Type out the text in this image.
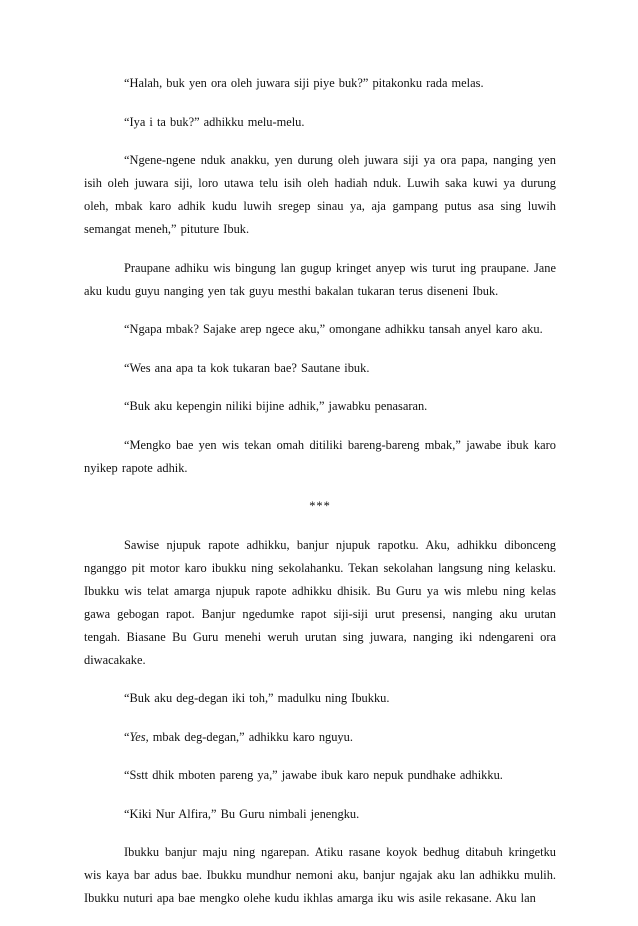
“Halah, buk yen ora oleh juwara siji piye buk?” pitakonku rada melas.

“Iya i ta buk?” adhikku melu-melu.

“Ngene-ngene nduk anakku, yen durung oleh juwara siji ya ora papa, nanging yen isih oleh juwara siji, loro utawa telu isih oleh hadiah nduk. Luwih saka kuwi ya durung oleh, mbak karo adhik kudu luwih sregep sinau ya, aja gampang putus asa sing luwih semangat meneh,” pituture Ibuk.

Praupane adhiku wis bingung lan gugup kringet anyep wis turut ing praupane. Jane aku kudu guyu nanging yen tak guyu mesthi bakalan tukaran terus diseneni Ibuk.

“Ngapa mbak? Sajake arep ngece aku,” omongane adhikku tansah anyel karo aku.

“Wes ana apa ta kok tukaran bae? Sautane ibuk.

“Buk aku kepengin niliki bijine adhik,” jawabku penasaran.

“Mengko bae yen wis tekan omah ditiliki bareng-bareng mbak,” jawabe ibuk karo nyikep rapote adhik.

***

Sawise njupuk rapote adhikku, banjur njupuk rapotku. Aku, adhikku dibonceng nganggo pit motor karo ibukku ning sekolahanku. Tekan sekolahan langsung ning kelasku. Ibukku wis telat amarga njupuk rapote adhikku dhisik. Bu Guru ya wis mlebu ning kelas gawa gebogan rapot. Banjur ngedumke rapot siji-siji urut presensi, nanging aku urutan tengah. Biasane Bu Guru menehi weruh urutan sing juwara, nanging iki ndengareni ora diwacakake.

“Buk aku deg-degan iki toh,” madulku ning Ibukku.

“Yes, mbak deg-degan,” adhikku karo nguyu.

“Sstt dhik mboten pareng ya,” jawabe ibuk karo nepuk pundhake adhikku.

“Kiki Nur Alfira,” Bu Guru nimbali jenengku.

Ibukku banjur maju ning ngarepan. Atiku rasane koyok bedhug ditabuh kringetku wis kaya bar adus bae. Ibukku mundhur nemoni aku, banjur ngajak aku lan adhikku mulih. Ibukku nuturi apa bae mengko olehe kudu ikhlas amarga iku wis asile rekasane. Aku lan
